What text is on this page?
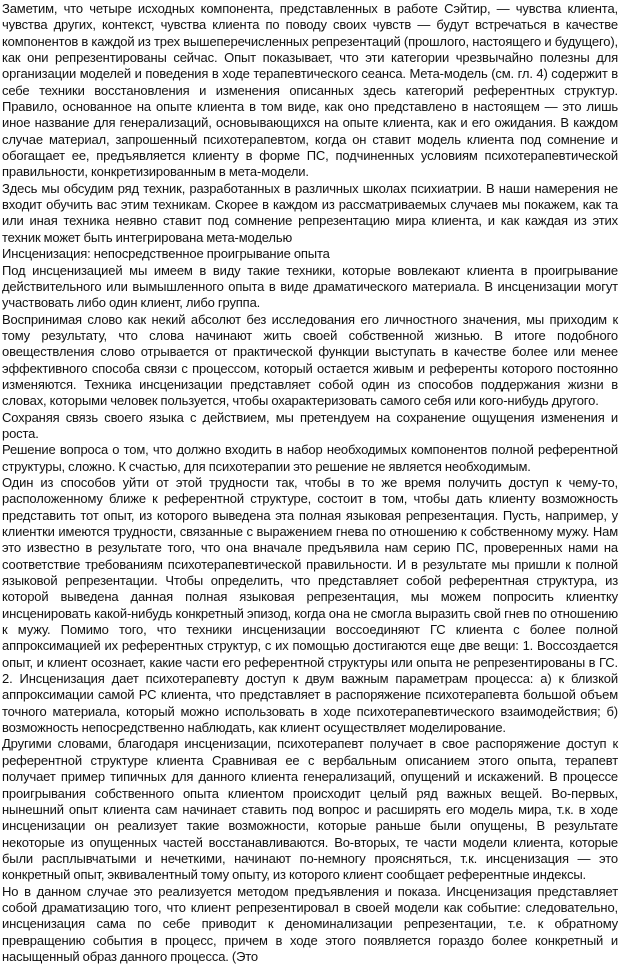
Заметим, что четыре исходных компонента, представленных в работе Сэйтир, — чувства клиента, чувства других, контекст, чувства клиента по поводу своих чувств — будут встречаться в качестве компонентов в каждой из трех вышеперечисленных репрезентаций (прошлого, настоящего и будущего), как они репрезентированы сейчас. Опыт показывает, что эти категории чрезвычайно полезны для организации моделей и поведения в ходе терапевтического сеанса. Мета-модель (см. гл. 4) содержит в себе техники восстановления и изменения описанных здесь категорий референтных структур. Правило, основанное на опыте клиента в том виде, как оно представлено в настоящем — это лишь иное название для генерализаций, основывающихся на опыте клиента, как и его ожидания. В каждом случае материал, запрошенный психотерапевтом, когда он ставит модель клиента под сомнение и обогащает ее, предъявляется клиенту в форме ПС, подчиненных условиям психотерапевтической правильности, конкретизированным в мета-модели.

Здесь мы обсудим ряд техник, разработанных в различных школах психиатрии. В наши намерения не входит обучить вас этим техникам. Скорее в каждом из рассматриваемых случаев мы покажем, как та или иная техника неявно ставит под сомнение репрезентацию мира клиента, и как каждая из этих техник может быть интегрирована мета-моделью

Инсценизация: непосредственное проигрывание опыта

Под инсценизацией мы имеем в виду такие техники, которые вовлекают клиента в проигрывание действительного или вымышленного опыта в виде драматического материала. В инсценизации могут участвовать либо один клиент, либо группа.

Воспринимая слово как некий абсолют без исследования его личностного значения, мы приходим к тому результату, что слова начинают жить своей собственной жизнью. В итоге подобного овеществления слово отрывается от практической функции выступать в качестве более или менее эффективного способа связи с процессом, который остается живым и референты которого постоянно изменяются. Техника инсценизации представляет собой один из способов поддержания жизни в словах, которыми человек пользуется, чтобы охарактеризовать самого себя или кого-нибудь другого.

Сохраняя связь своего языка с действием, мы претендуем на сохранение ощущения изменения и роста.

Решение вопроса о том, что должно входить в набор необходимых компонентов полной референтной структуры, сложно. К счастью, для психотерапии это решение не является необходимым.

Один из способов уйти от этой трудности так, чтобы в то же время получить доступ к чему-то, расположенному ближе к референтной структуре, состоит в том, чтобы дать клиенту возможность представить тот опыт, из которого выведена эта полная языковая репрезентация. Пусть, например, у клиентки имеются трудности, связанные с выражением гнева по отношению к собственному мужу. Нам это известно в результате того, что она вначале предъявила нам серию ПС, проверенных нами на соответствие требованиям психотерапевтической правильности. И в результате мы пришли к полной языковой репрезентации. Чтобы определить, что представляет собой референтная структура, из которой выведена данная полная языковая репрезентация, мы можем попросить клиентку инсценировать какой-нибудь конкретный эпизод, когда она не смогла выразить свой гнев по отношению к мужу. Помимо того, что техники инсценизации воссоединяют ГС клиента с более полной аппроксимацией их референтных структур, с их помощью достигаются еще две вещи: 1. Воссоздается опыт, и клиент осознает, какие части его референтной структуры или опыта не репрезентированы в ГС. 2. Инсценизация дает психотерапевту доступ к двум важным параметрам процесса: а) к близкой аппроксимации самой РС клиента, что представляет в распоряжение психотерапевта большой объем точного материала, который можно использовать в ходе психотерапевтического взаимодействия; б) возможность непосредственно наблюдать, как клиент осуществляет моделирование.

Другими словами, благодаря инсценизации, психотерапевт получает в свое распоряжение доступ к референтной структуре клиента Сравнивая ее с вербальным описанием этого опыта, терапевт получает пример типичных для данного клиента генерализаций, опущений и искажений. В процессе проигрывания собственного опыта клиентом происходит целый ряд важных вещей. Во-первых, нынешний опыт клиента сам начинает ставить под вопрос и расширять его модель мира, т.к. в ходе инсценизации он реализует такие возможности, которые раньше были опущены, В результате некоторые из опущенных частей восстанавливаются. Во-вторых, те части модели клиента, которые были расплывчатыми и нечеткими, начинают по-немногу проясняться, т.к. инсценизация — это конкретный опыт, эквивалентный тому опыту, из которого клиент сообщает референтные индексы.

Но в данном случае это реализуется методом предъявления и показа. Инсценизация представляет собой драматизацию того, что клиент репрезентировал в своей модели как событие: следовательно, инсценизация сама по себе приводит к деноминализации репрезентации, т.е. к обратному превращению события в процесс, причем в ходе этого появляется гораздо более конкретный и насыщенный образ данного процесса. (Это
